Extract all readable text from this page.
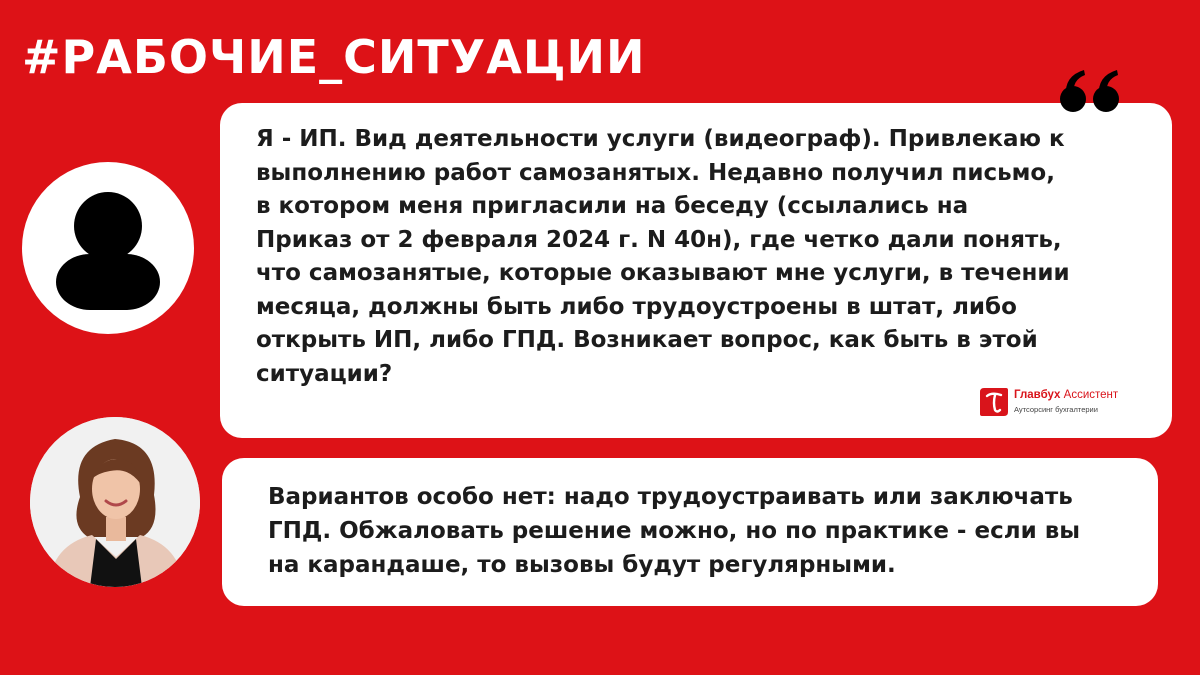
#РАБОЧИЕ_СИТУАЦИИ
Я - ИП. Вид деятельности услуги (видеограф). Привлекаю к
выполнению работ самозанятых. Недавно получил письмо,
в котором меня пригласили на беседу (ссылались на
Приказ от 2 февраля 2024 г. N 40н), где четко дали понять,
что самозанятые, которые оказывают мне услуги, в течении
месяца, должны быть либо трудоустроены в штат, либо
открыть ИП, либо ГПД. Возникает вопрос, как быть в этой
ситуации?
Главбух Ассистент
Аутсорсинг бухгалтерии
Вариантов особо нет: надо трудоустраивать или заключать
ГПД. Обжаловать решение можно, но по практике - если вы
на карандаше, то вызовы будут регулярными.
